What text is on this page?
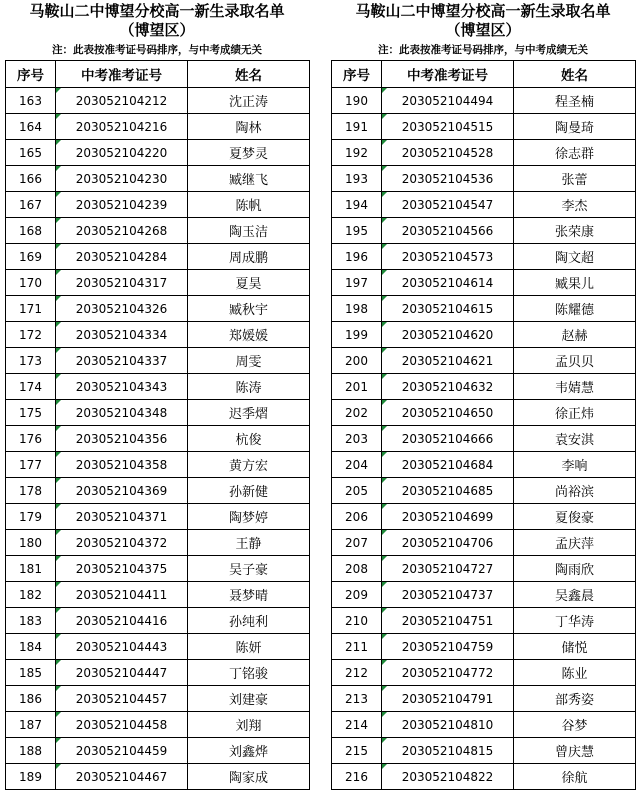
马鞍山二中博望分校高一新生录取名单
（博望区）
注：此表按准考证号码排序，与中考成绩无关
序号	中考准考证号	姓名
163	203052104212	沈正涛
164	203052104216	陶林
165	203052104220	夏梦灵
166	203052104230	臧继飞
167	203052104239	陈帆
168	203052104268	陶玉洁
169	203052104284	周成鹏
170	203052104317	夏昊
171	203052104326	臧秋宇
172	203052104334	郑媛媛
173	203052104337	周雯
174	203052104343	陈涛
175	203052104348	迟季熠
176	203052104356	杭俊
177	203052104358	黄方宏
178	203052104369	孙新健
179	203052104371	陶梦婷
180	203052104372	王静
181	203052104375	吴子豪
182	203052104411	聂梦晴
183	203052104416	孙纯利
184	203052104443	陈妍
185	203052104447	丁铭骏
186	203052104457	刘建豪
187	203052104458	刘翔
188	203052104459	刘鑫烨
189	203052104467	陶家成
马鞍山二中博望分校高一新生录取名单
（博望区）
注：此表按准考证号码排序，与中考成绩无关
序号	中考准考证号	姓名
190	203052104494	程圣楠
191	203052104515	陶曼琦
192	203052104528	徐志群
193	203052104536	张蕾
194	203052104547	李杰
195	203052104566	张荣康
196	203052104573	陶文超
197	203052104614	臧果儿
198	203052104615	陈耀德
199	203052104620	赵赫
200	203052104621	孟贝贝
201	203052104632	韦婧慧
202	203052104650	徐正炜
203	203052104666	袁安淇
204	203052104684	李响
205	203052104685	尚裕滨
206	203052104699	夏俊豪
207	203052104706	孟庆萍
208	203052104727	陶雨欣
209	203052104737	吴鑫晨
210	203052104751	丁华涛
211	203052104759	储悦
212	203052104772	陈业
213	203052104791	部秀姿
214	203052104810	谷梦
215	203052104815	曾庆慧
216	203052104822	徐航
